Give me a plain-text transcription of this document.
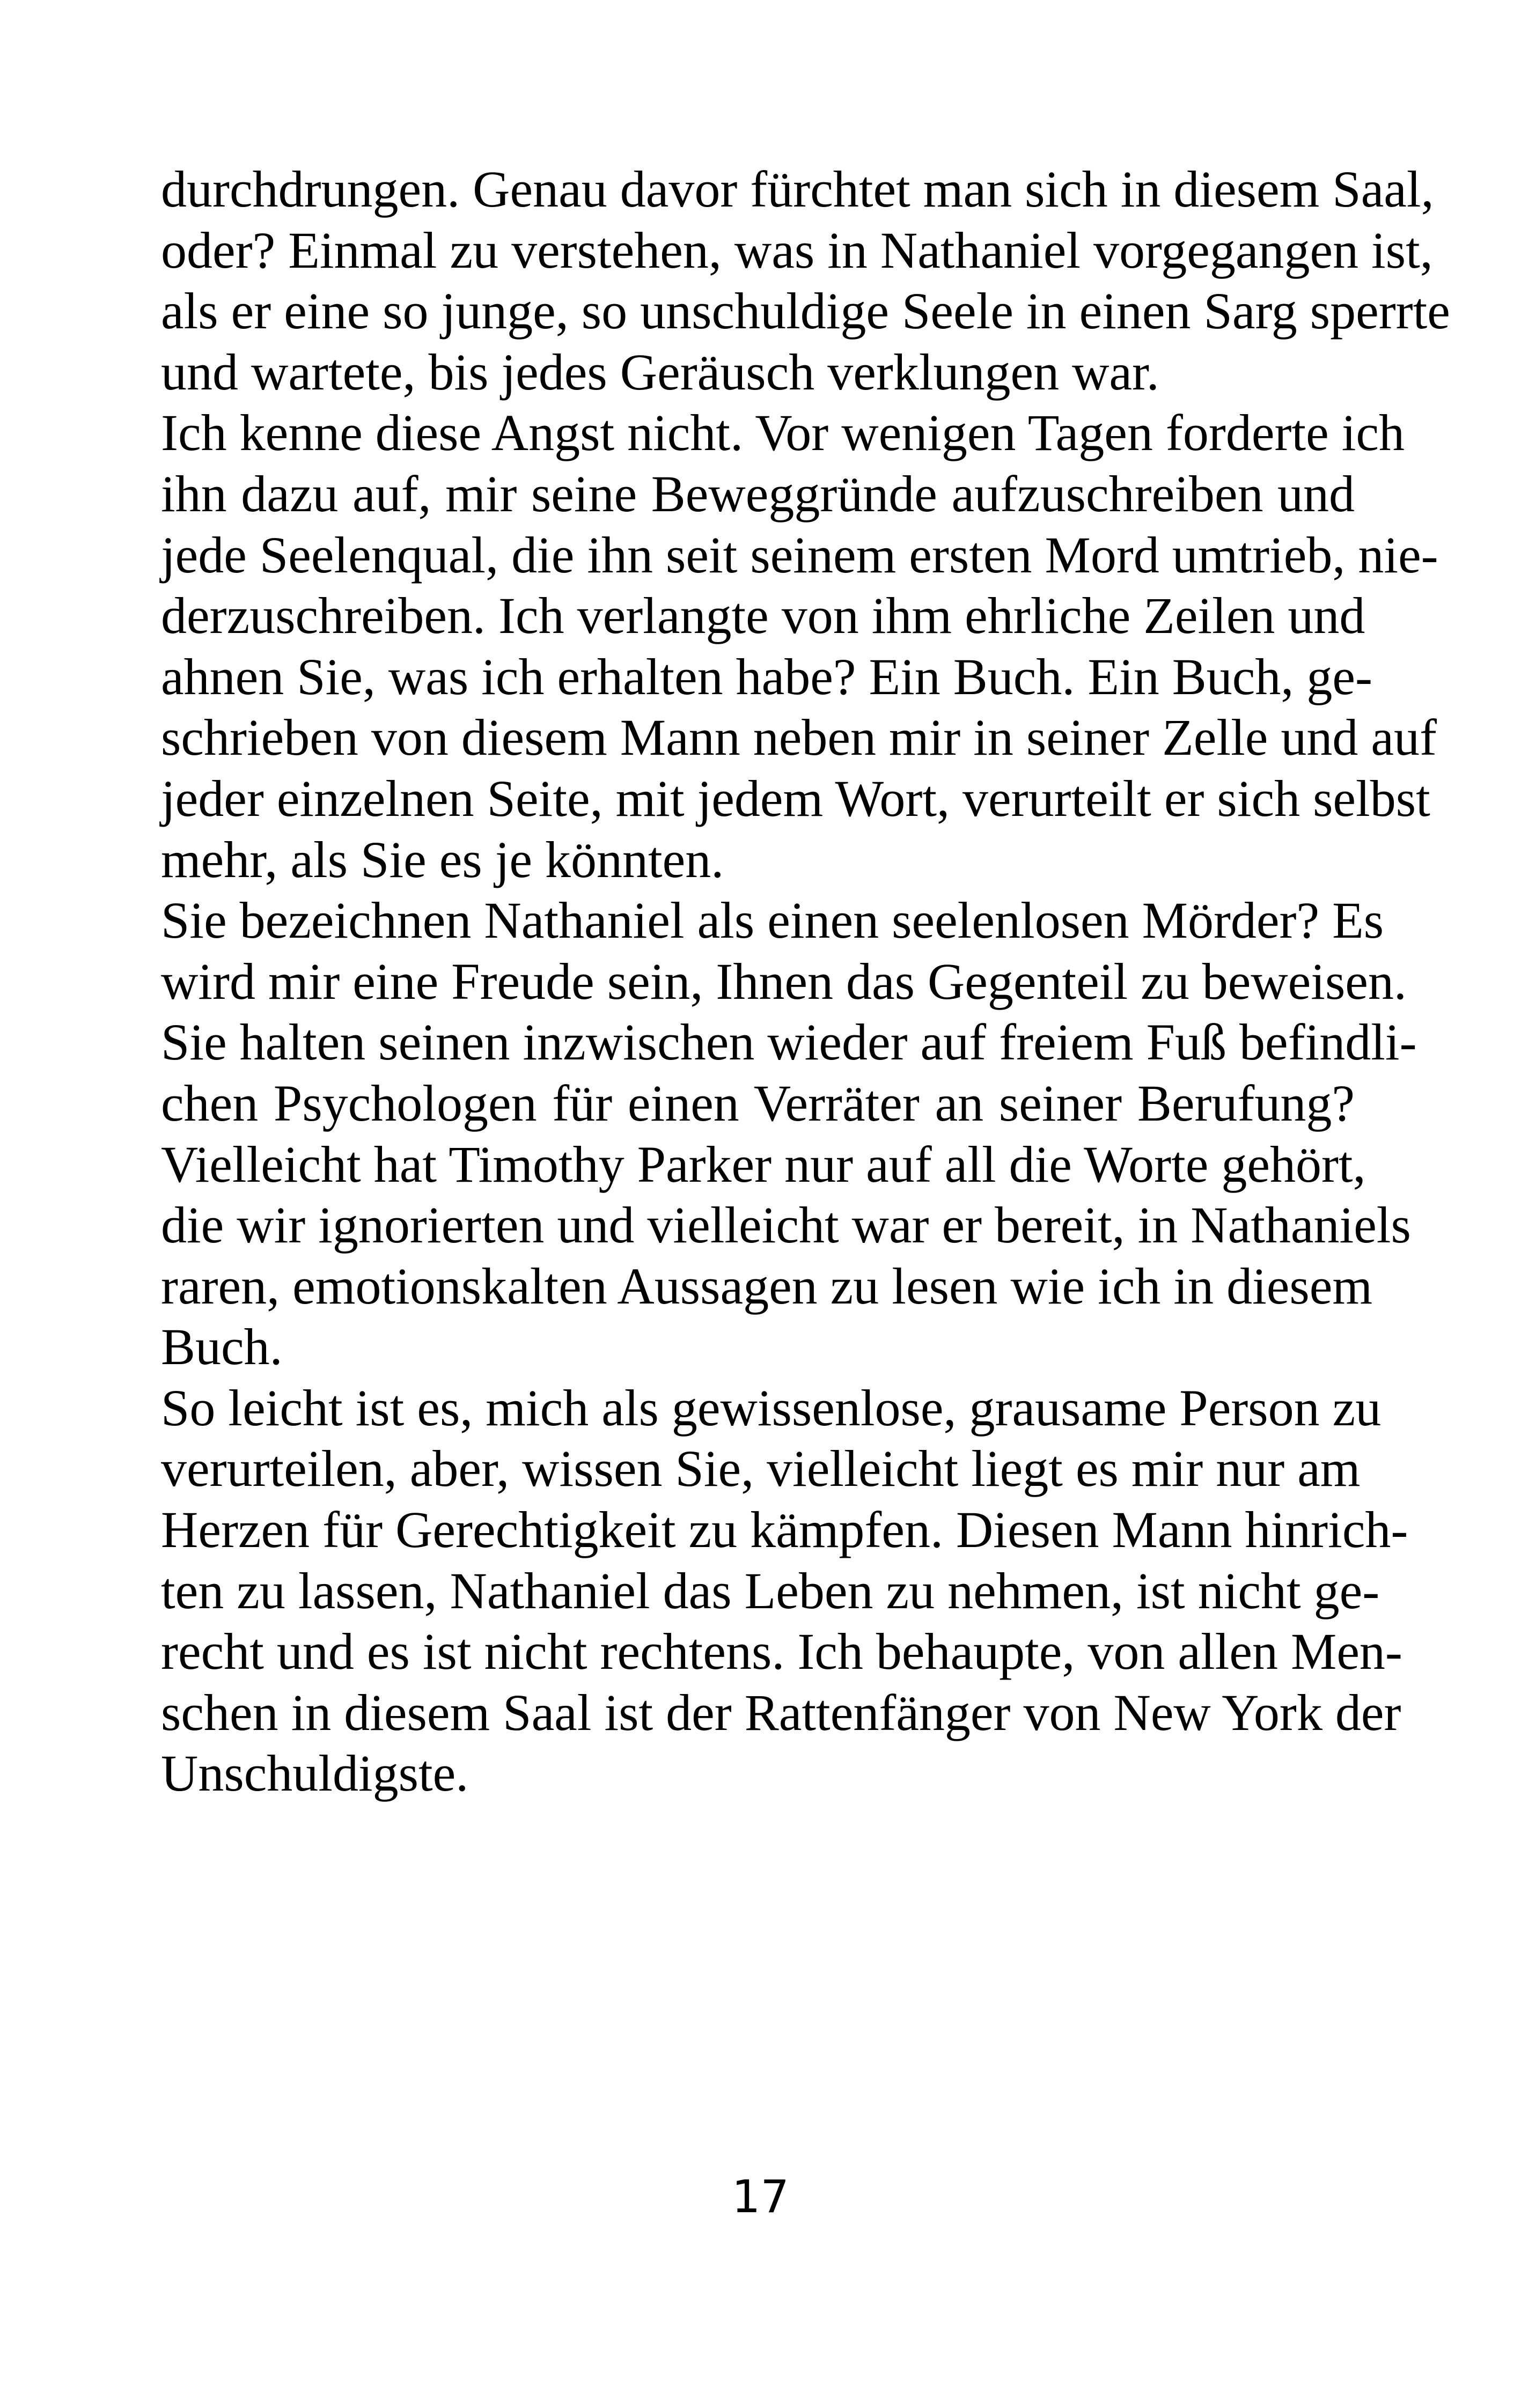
durchdrungen. Genau davor fürchtet man sich in diesem Saal,
oder? Einmal zu verstehen, was in Nathaniel vorgegangen ist,
als er eine so junge, so unschuldige Seele in einen Sarg sperrte
und wartete, bis jedes Geräusch verklungen war.
Ich kenne diese Angst nicht. Vor wenigen Tagen forderte ich
ihn dazu auf, mir seine Beweggründe aufzuschreiben und
jede Seelenqual, die ihn seit seinem ersten Mord umtrieb, nie-
derzuschreiben. Ich verlangte von ihm ehrliche Zeilen und
ahnen Sie, was ich erhalten habe? Ein Buch. Ein Buch, ge-
schrieben von diesem Mann neben mir in seiner Zelle und auf
jeder einzelnen Seite, mit jedem Wort, verurteilt er sich selbst
mehr, als Sie es je könnten.
Sie bezeichnen Nathaniel als einen seelenlosen Mörder? Es
wird mir eine Freude sein, Ihnen das Gegenteil zu beweisen.
Sie halten seinen inzwischen wieder auf freiem Fuß befindli-
chen Psychologen für einen Verräter an seiner Berufung?
Vielleicht hat Timothy Parker nur auf all die Worte gehört,
die wir ignorierten und vielleicht war er bereit, in Nathaniels
raren, emotionskalten Aussagen zu lesen wie ich in diesem
Buch.
So leicht ist es, mich als gewissenlose, grausame Person zu
verurteilen, aber, wissen Sie, vielleicht liegt es mir nur am
Herzen für Gerechtigkeit zu kämpfen. Diesen Mann hinrich-
ten zu lassen, Nathaniel das Leben zu nehmen, ist nicht ge-
recht und es ist nicht rechtens. Ich behaupte, von allen Men-
schen in diesem Saal ist der Rattenfänger von New York der
Unschuldigste.
17
